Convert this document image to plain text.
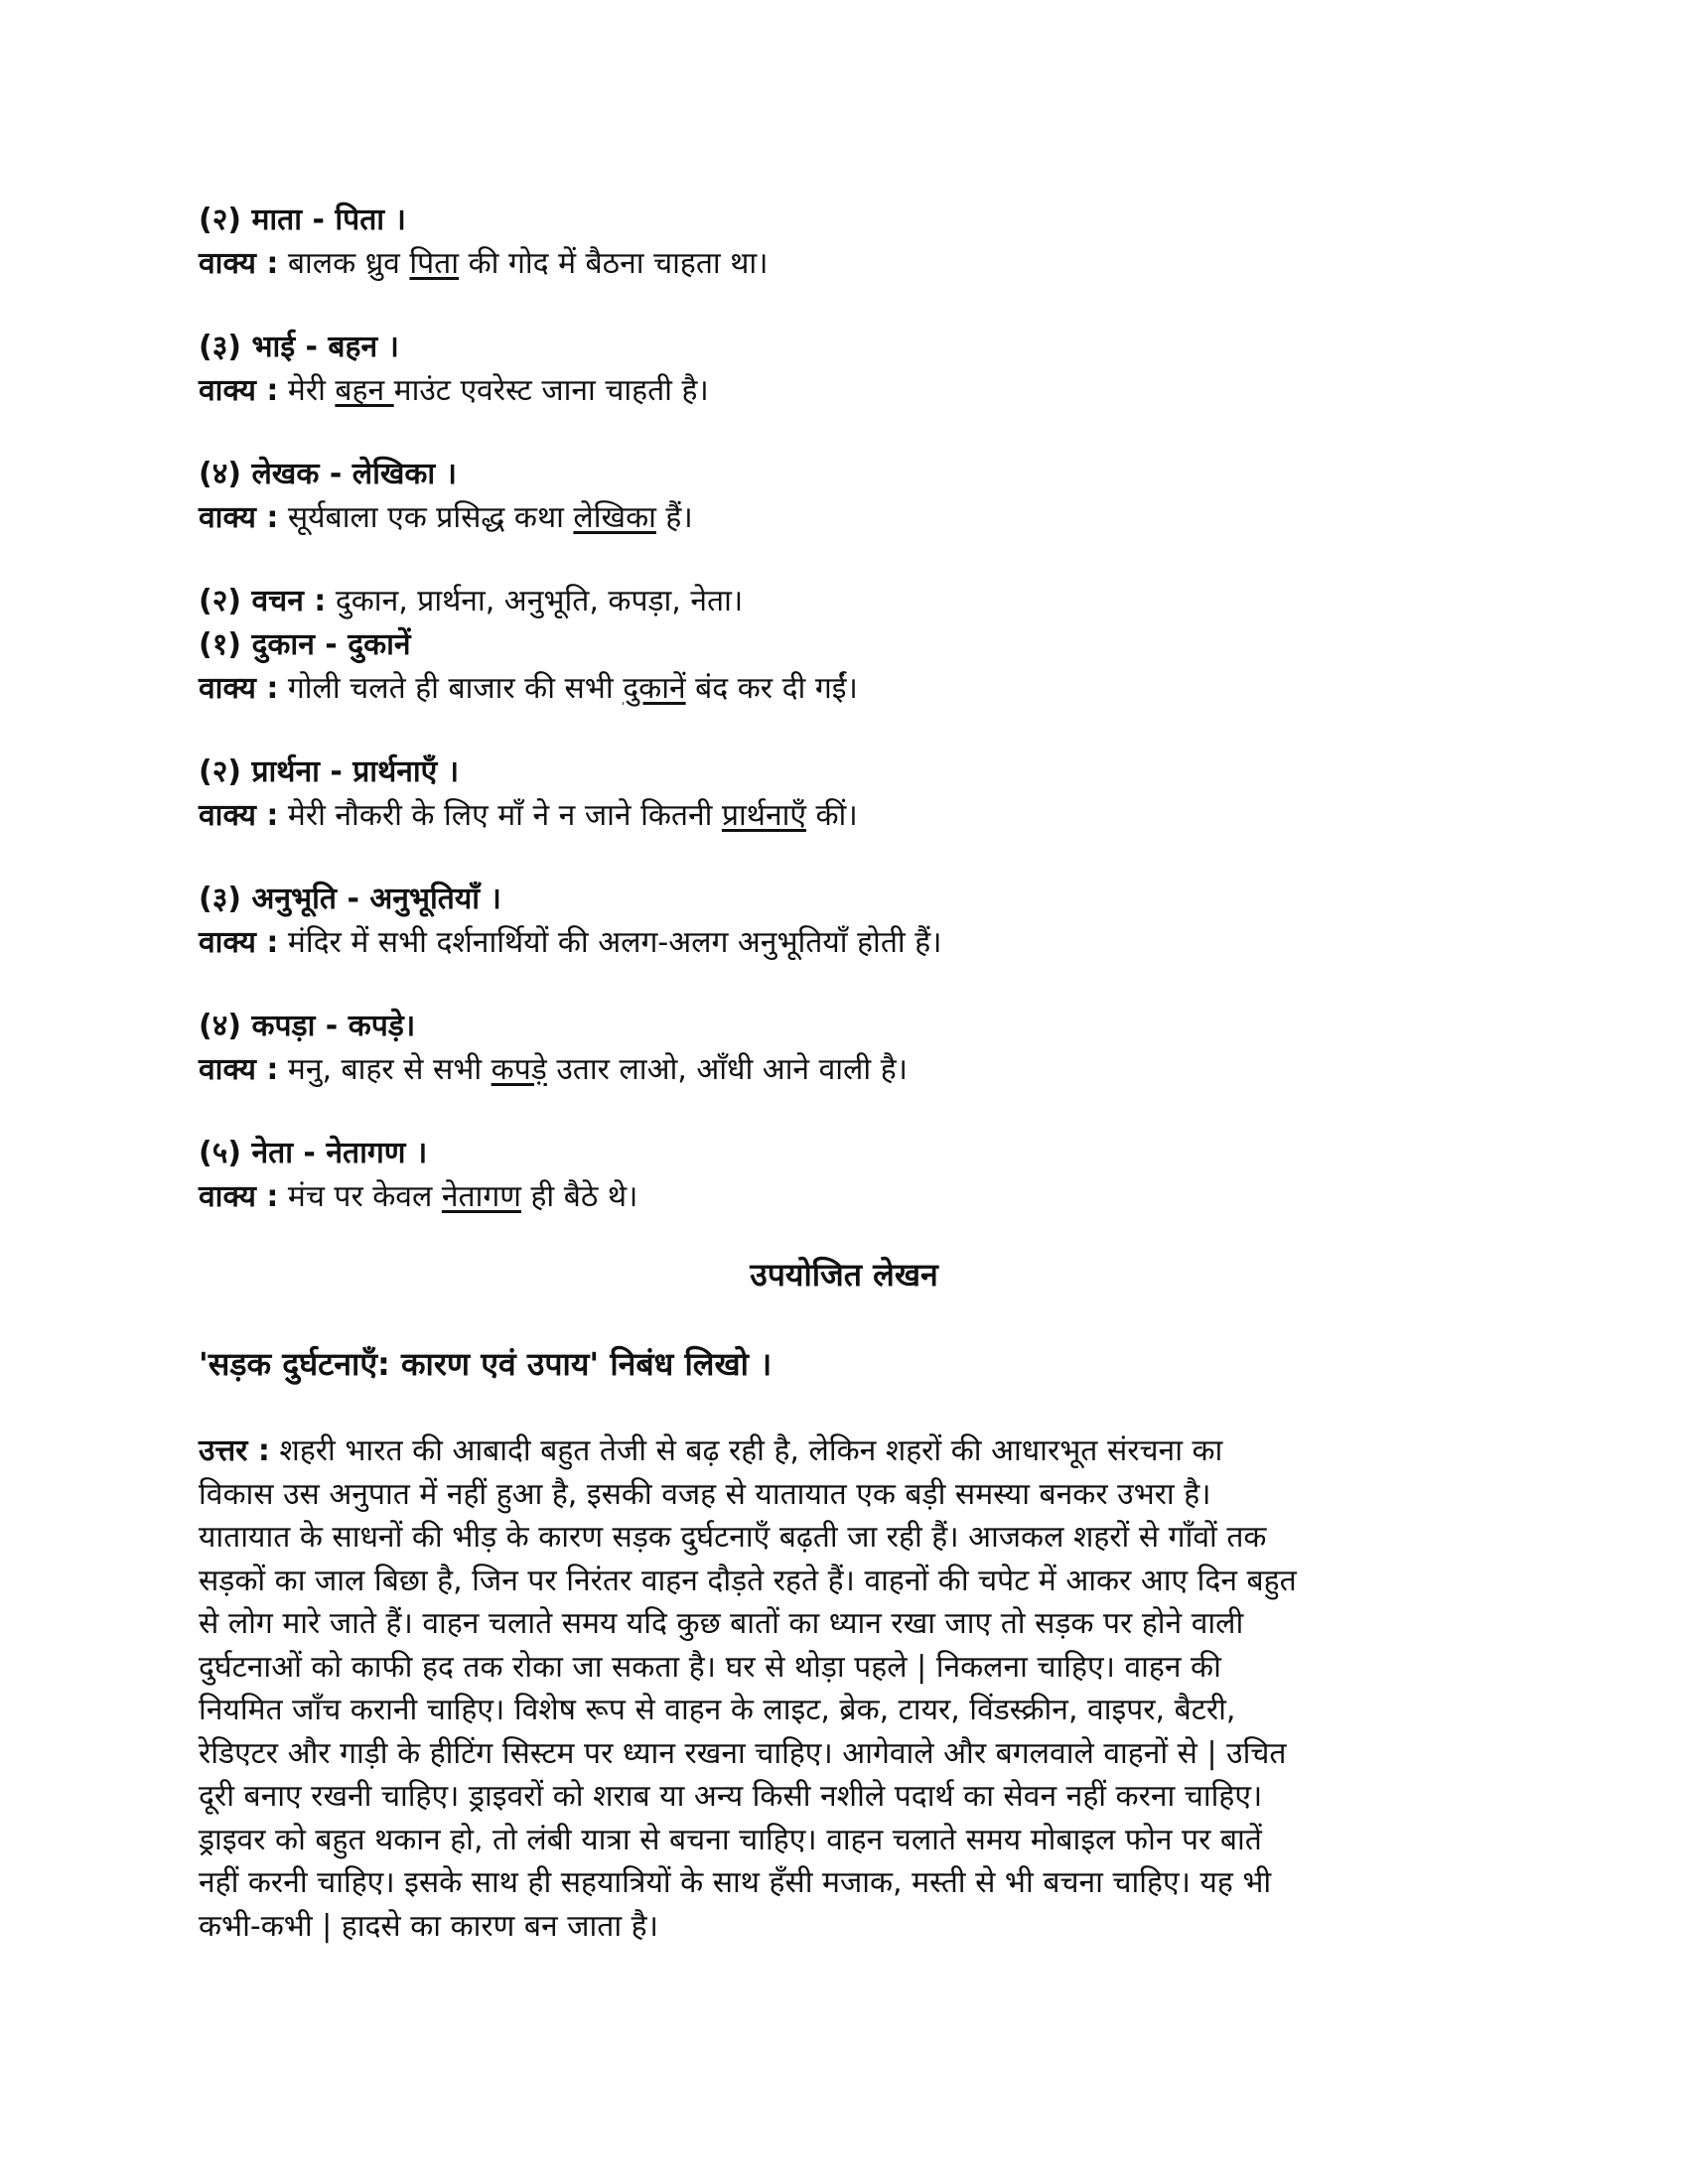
(२) माता - पिता ।
वाक्य : बालक ध्रुव पिता की गोद में बैठना चाहता था।
(३) भाई - बहन ।
वाक्य : मेरी बहन माउंट एवरेस्ट जाना चाहती है।
(४) लेखक - लेखिका ।
वाक्य : सूर्यबाला एक प्रसिद्ध कथा लेखिका हैं।
(२) वचन : दुकान, प्रार्थना, अनुभूति, कपड़ा, नेता।
(१) दुकान - दुकानें
वाक्य : गोली चलते ही बाजार की सभी दुकानें बंद कर दी गईं।
(२) प्रार्थना - प्रार्थनाएँ ।
वाक्य : मेरी नौकरी के लिए माँ ने न जाने कितनी प्रार्थनाएँ कीं।
(३) अनुभूति - अनुभूतियाँ ।
वाक्य : मंदिर में सभी दर्शनार्थियों की अलग-अलग अनुभूतियाँ होती हैं।
(४) कपड़ा - कपड़े।
वाक्य : मनु, बाहर से सभी कपड़े उतार लाओ, आँधी आने वाली है।
(५) नेता - नेतागण ।
वाक्य : मंच पर केवल नेतागण ही बैठे थे।
उपयोजित लेखन
'सड़क दुर्घटनाएँ: कारण एवं उपाय' निबंध लिखो ।
उत्तर : शहरी भारत की आबादी बहुत तेजी से बढ़ रही है, लेकिन शहरों की आधारभूत संरचना का
विकास उस अनुपात में नहीं हुआ है, इसकी वजह से यातायात एक बड़ी समस्या बनकर उभरा है।
यातायात के साधनों की भीड़ के कारण सड़क दुर्घटनाएँ बढ़ती जा रही हैं। आजकल शहरों से गाँवों तक
सड़कों का जाल बिछा है, जिन पर निरंतर वाहन दौड़ते रहते हैं। वाहनों की चपेट में आकर आए दिन बहुत
से लोग मारे जाते हैं। वाहन चलाते समय यदि कुछ बातों का ध्यान रखा जाए तो सड़क पर होने वाली
दुर्घटनाओं को काफी हद तक रोका जा सकता है। घर से थोड़ा पहले | निकलना चाहिए। वाहन की
नियमित जाँच करानी चाहिए। विशेष रूप से वाहन के लाइट, ब्रेक, टायर, विंडस्क्रीन, वाइपर, बैटरी,
रेडिएटर और गाड़ी के हीटिंग सिस्टम पर ध्यान रखना चाहिए। आगेवाले और बगलवाले वाहनों से | उचित
दूरी बनाए रखनी चाहिए। ड्राइवरों को शराब या अन्य किसी नशीले पदार्थ का सेवन नहीं करना चाहिए।
ड्राइवर को बहुत थकान हो, तो लंबी यात्रा से बचना चाहिए। वाहन चलाते समय मोबाइल फोन पर बातें
नहीं करनी चाहिए। इसके साथ ही सहयात्रियों के साथ हँसी मजाक, मस्ती से भी बचना चाहिए। यह भी
कभी-कभी | हादसे का कारण बन जाता है।
